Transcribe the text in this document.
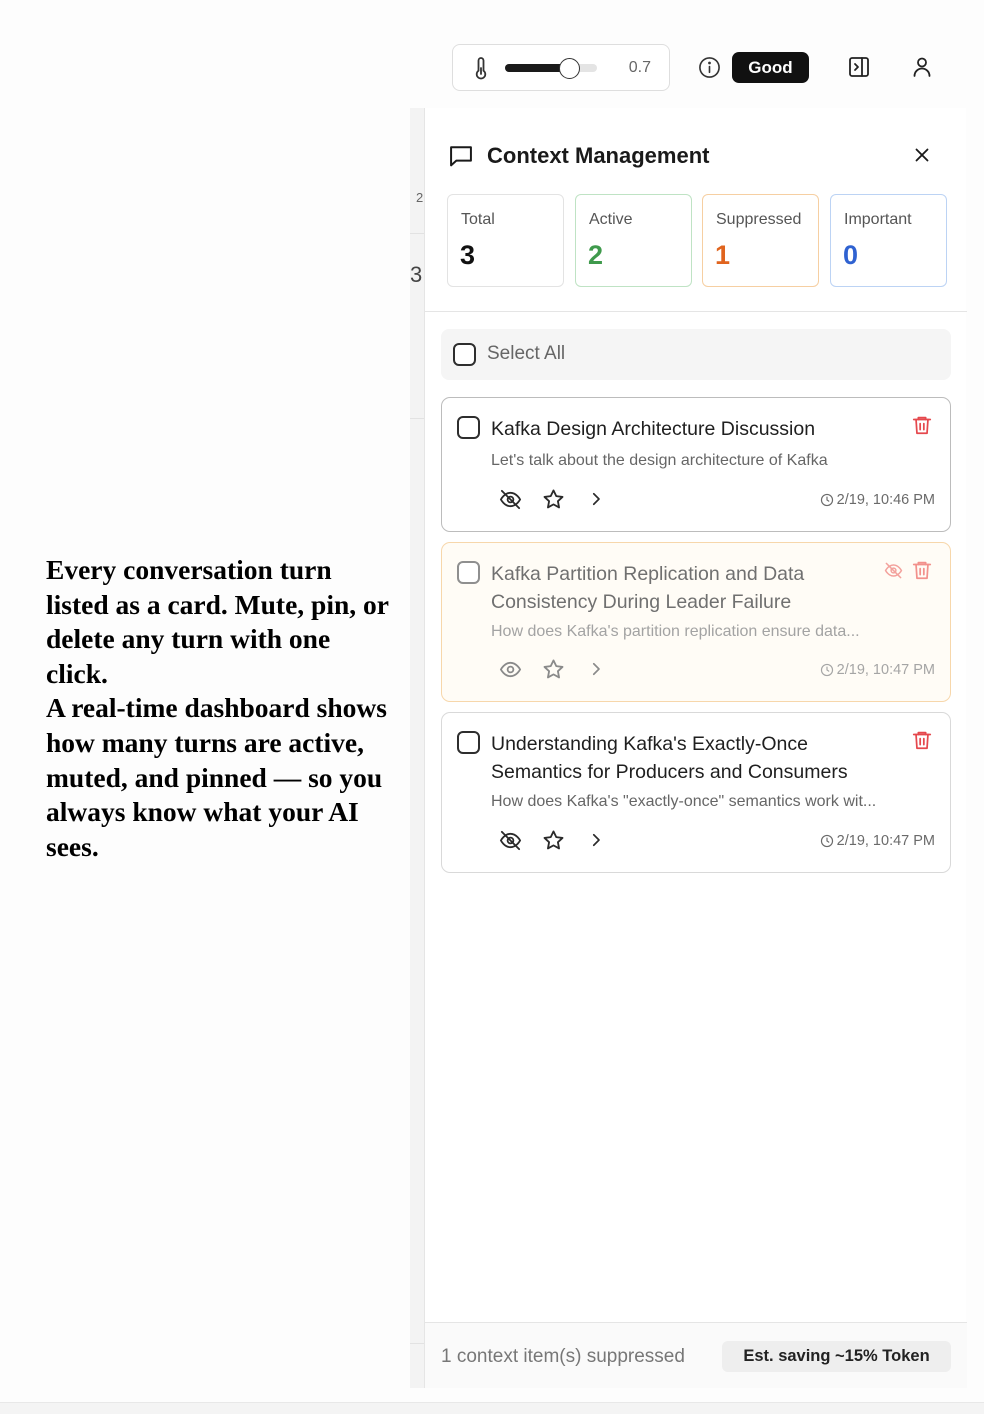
0.7	Good
2
3
Context Management
Total
3
Active
2
Suppressed
1
Important
0
Select All
Kafka Design Architecture Discussion
Let's talk about the design architecture of Kafka
2/19, 10:46 PM
Kafka Partition Replication and Data Consistency During Leader Failure
How does Kafka's partition replication ensure data...
2/19, 10:47 PM
Understanding Kafka's Exactly-Once Semantics for Producers and Consumers
How does Kafka's "exactly-once" semantics work wit...
2/19, 10:47 PM
1 context item(s) suppressed	Est. saving ~15% Token
Every conversation turn listed as a card. Mute, pin, or delete any turn with one click.
A real-time dashboard shows how many turns are active, muted, and pinned — so you always know what your AI sees.
